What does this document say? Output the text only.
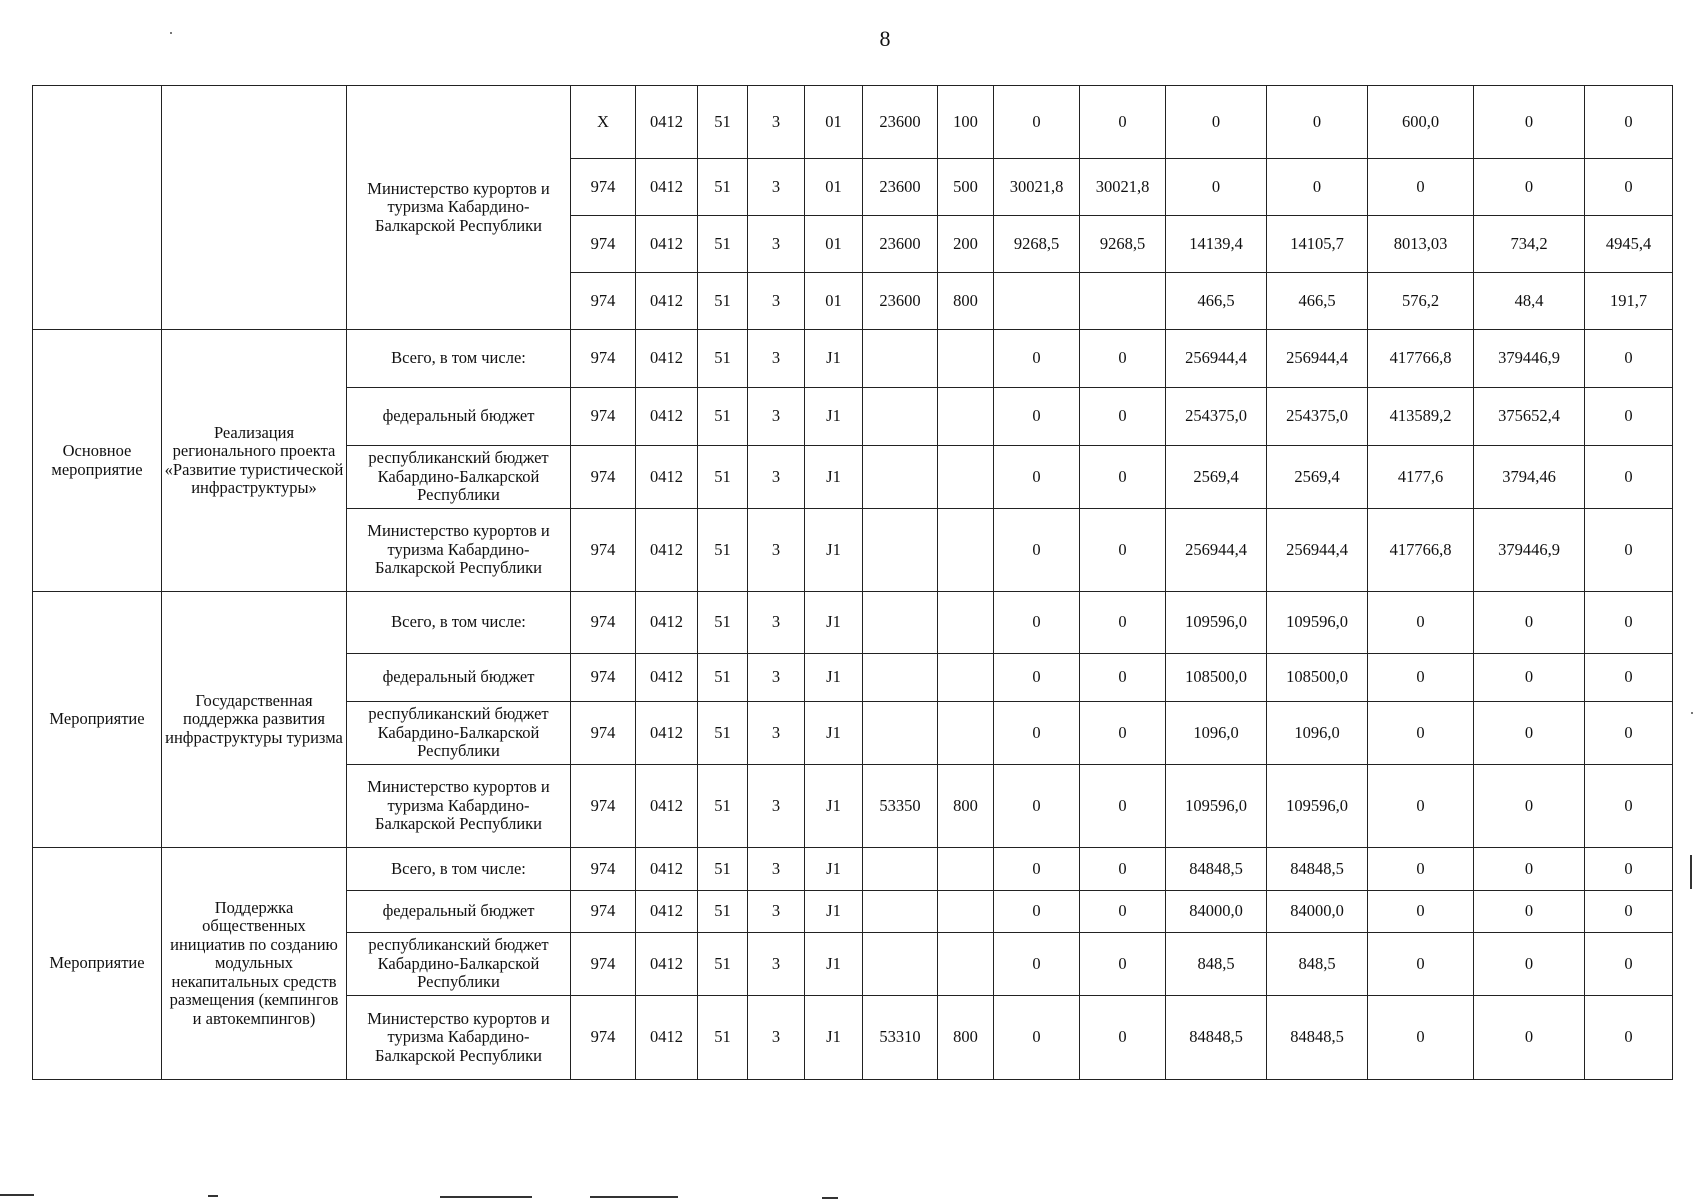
8
		Министерство курортов и туризма Кабардино-Балкарской Республики	Х	0412	51	3	01	23600	100	0	0	0	0	600,0	0	0
			974	0412	51	3	01	23600	500	30021,8	30021,8	0	0	0	0	0
			974	0412	51	3	01	23600	200	9268,5	9268,5	14139,4	14105,7	8013,03	734,2	4945,4
			974	0412	51	3	01	23600	800			466,5	466,5	576,2	48,4	191,7
Основное мероприятие	Реализация регионального проекта «Развитие туристической инфраструктуры»	Всего, в том числе:	974	0412	51	3	J1			0	0	256944,4	256944,4	417766,8	379446,9	0
		федеральный бюджет	974	0412	51	3	J1			0	0	254375,0	254375,0	413589,2	375652,4	0
		республиканский бюджет Кабардино-Балкарской Республики	974	0412	51	3	J1			0	0	2569,4	2569,4	4177,6	3794,46	0
		Министерство курортов и туризма Кабардино-Балкарской Республики	974	0412	51	3	J1			0	0	256944,4	256944,4	417766,8	379446,9	0
Мероприятие	Государственная поддержка развития инфраструктуры туризма	Всего, в том числе:	974	0412	51	3	J1			0	0	109596,0	109596,0	0	0	0
		федеральный бюджет	974	0412	51	3	J1			0	0	108500,0	108500,0	0	0	0
		республиканский бюджет Кабардино-Балкарской Республики	974	0412	51	3	J1			0	0	1096,0	1096,0	0	0	0
		Министерство курортов и туризма Кабардино-Балкарской Республики	974	0412	51	3	J1	53350	800	0	0	109596,0	109596,0	0	0	0
Мероприятие	Поддержка общественных инициатив по созданию модульных некапитальных средств размещения (кемпингов и автокемпингов)	Всего, в том числе:	974	0412	51	3	J1			0	0	84848,5	84848,5	0	0	0
		федеральный бюджет	974	0412	51	3	J1			0	0	84000,0	84000,0	0	0	0
		республиканский бюджет Кабардино-Балкарской Республики	974	0412	51	3	J1			0	0	848,5	848,5	0	0	0
		Министерство курортов и туризма Кабардино-Балкарской Республики	974	0412	51	3	J1	53310	800	0	0	84848,5	84848,5	0	0	0
